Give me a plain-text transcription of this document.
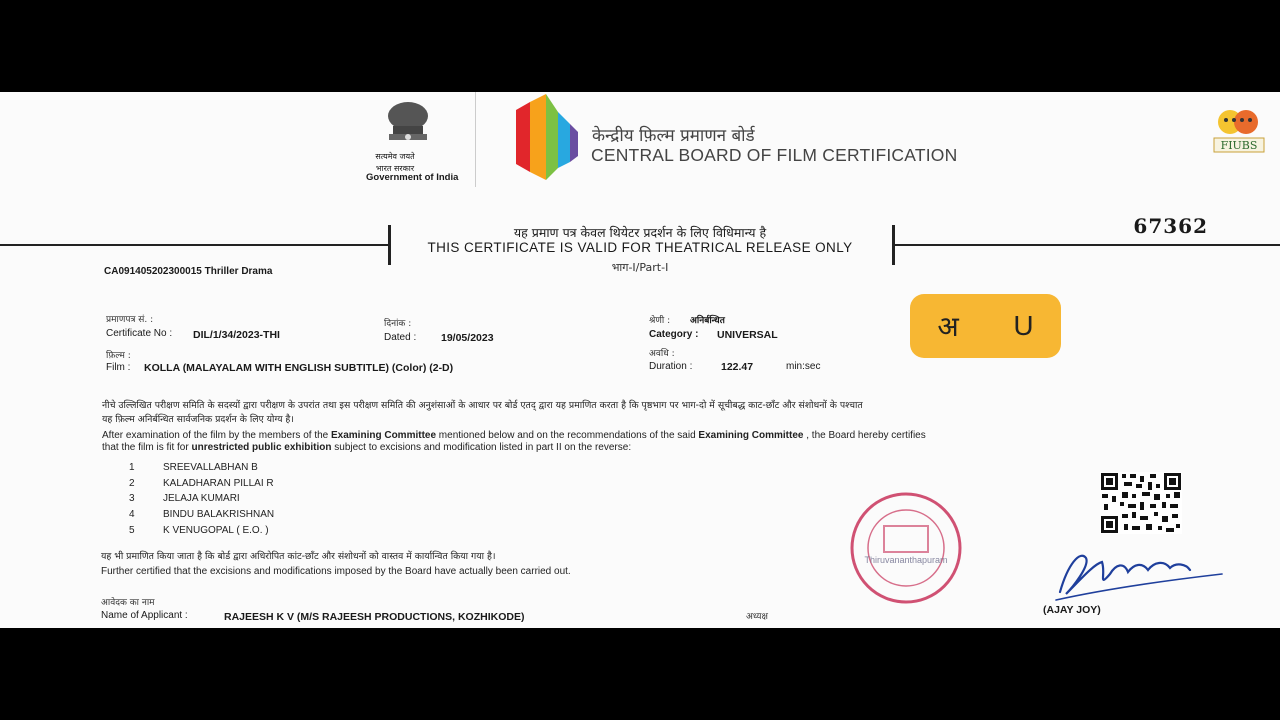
सत्यमेव जयते
भारत सरकार
Government of India
केन्द्रीय फ़िल्म प्रमाणन बोर्ड
CENTRAL BOARD OF FILM CERTIFICATION	FIUBS
यह प्रमाण पत्र केवल थियेटर प्रदर्शन के लिए विधिमान्य है
THIS CERTIFICATE IS VALID FOR THEATRICAL RELEASE ONLY
भाग-I/Part-I
67362
CA091405202300015 Thriller Drama
प्रमाणपत्र सं. :
Certificate No : DIL/1/34/2023-THI
दिनांक :
Dated : 19/05/2023
श्रेणी : अनिर्बन्धित
Category : UNIVERSAL
फ़िल्म :
Film : KOLLA (MALAYALAM WITH ENGLISH SUBTITLE) (Color) (2-D)
अवधि :
Duration :	122.47	min:sec
अ U
नीचे उल्लिखित परीक्षण समिति के सदस्यों द्वारा परीक्षण के उपरांत तथा इस परीक्षण समिति की अनुशंसाओं के आधार पर बोर्ड एतद् द्वारा यह प्रमाणित करता है कि पृष्ठभाग पर भाग-दो में सूचीबद्ध काट-छाँट और संशोधनों के पश्चात
यह फ़िल्म अनिर्बन्धित सार्वजनिक प्रदर्शन के लिए योग्य है।
After examination of the film by the members of the Examining Committee mentioned below and on the recommendations of the said Examining Committee , the Board hereby certifies
that the film is fit for unrestricted public exhibition subject to excisions and modification listed in part II on the reverse:
1	SREEVALLABHAN B
2	KALADHARAN PILLAI R
3	JELAJA KUMARI
4	BINDU BALAKRISHNAN
5	K VENUGOPAL ( E.O. )
यह भी प्रमाणित किया जाता है कि बोर्ड द्वारा अधिरोपित कांट-छाँट और संशोधनों को वास्तव में कार्यान्वित किया गया है।
Further certified that the excisions and modifications imposed by the Board have actually been carried out.
आवेदक का नाम
Name of Applicant :	RAJEESH K V (M/S RAJEESH PRODUCTIONS, KOZHIKODE)	अध्यक्ष
Thiruvananthapuram
(AJAY JOY)
